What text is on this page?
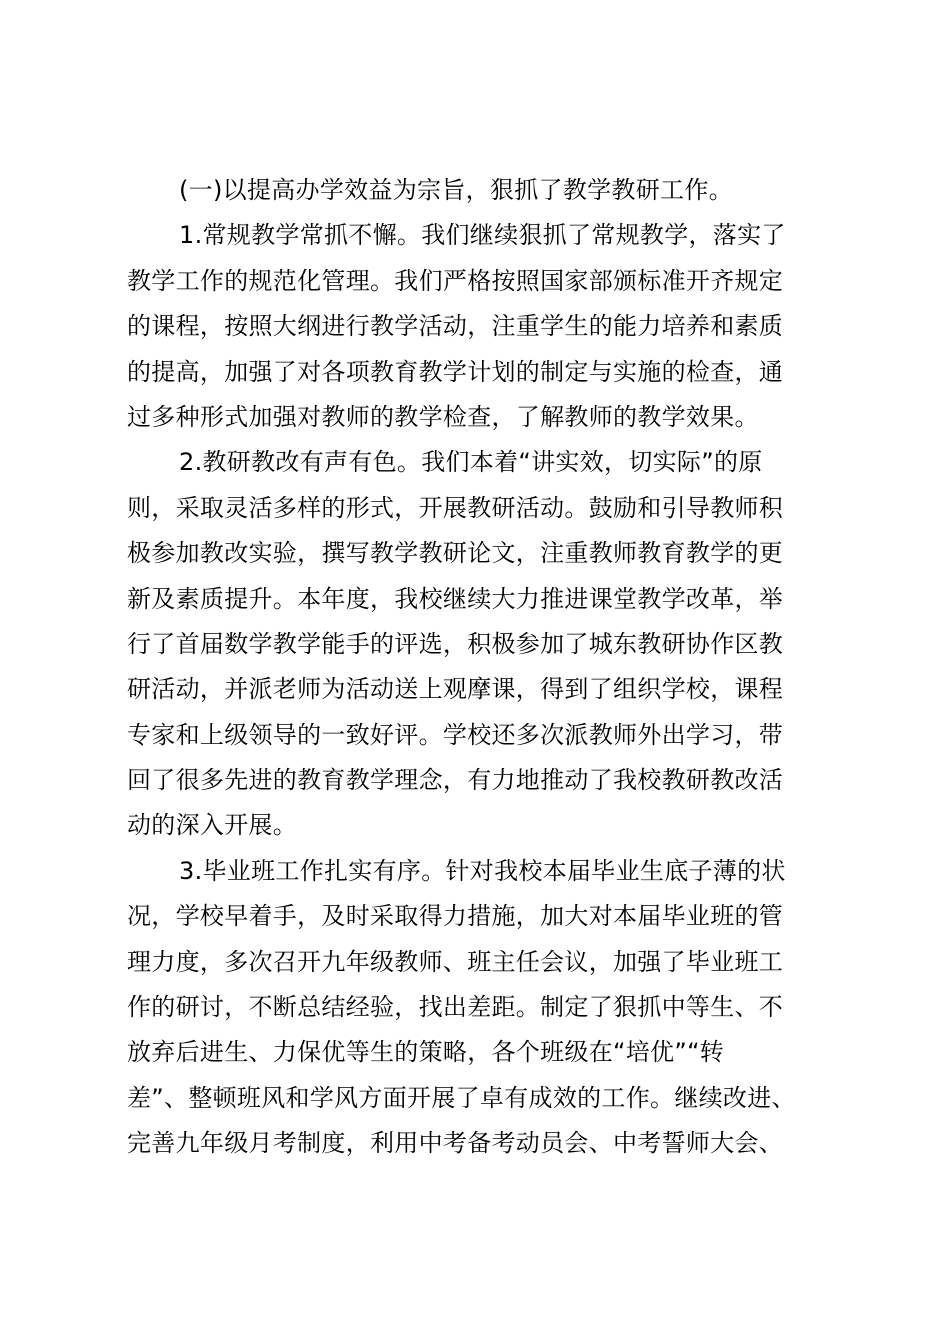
(一)以提高办学效益为宗旨，狠抓了教学教研工作。
1.常规教学常抓不懈。我们继续狠抓了常规教学，落实了
教学工作的规范化管理。我们严格按照国家部颁标准开齐规定
的课程，按照大纲进行教学活动，注重学生的能力培养和素质
的提高，加强了对各项教育教学计划的制定与实施的检查，通
过多种形式加强对教师的教学检查，了解教师的教学效果。
2.教研教改有声有色。我们本着“讲实效，切实际”的原
则，采取灵活多样的形式，开展教研活动。鼓励和引导教师积
极参加教改实验，撰写教学教研论文，注重教师教育教学的更
新及素质提升。本年度，我校继续大力推进课堂教学改革，举
行了首届数学教学能手的评选，积极参加了城东教研协作区教
研活动，并派老师为活动送上观摩课，得到了组织学校，课程
专家和上级领导的一致好评。学校还多次派教师外出学习，带
回了很多先进的教育教学理念，有力地推动了我校教研教改活
动的深入开展。
3.毕业班工作扎实有序。针对我校本届毕业生底子薄的状
况，学校早着手，及时采取得力措施，加大对本届毕业班的管
理力度，多次召开九年级教师、班主任会议，加强了毕业班工
作的研讨，不断总结经验，找出差距。制定了狠抓中等生、不
放弃后进生、力保优等生的策略，各个班级在“培优”“转
差”、整顿班风和学风方面开展了卓有成效的工作。继续改进、
完善九年级月考制度，利用中考备考动员会、中考誓师大会、
